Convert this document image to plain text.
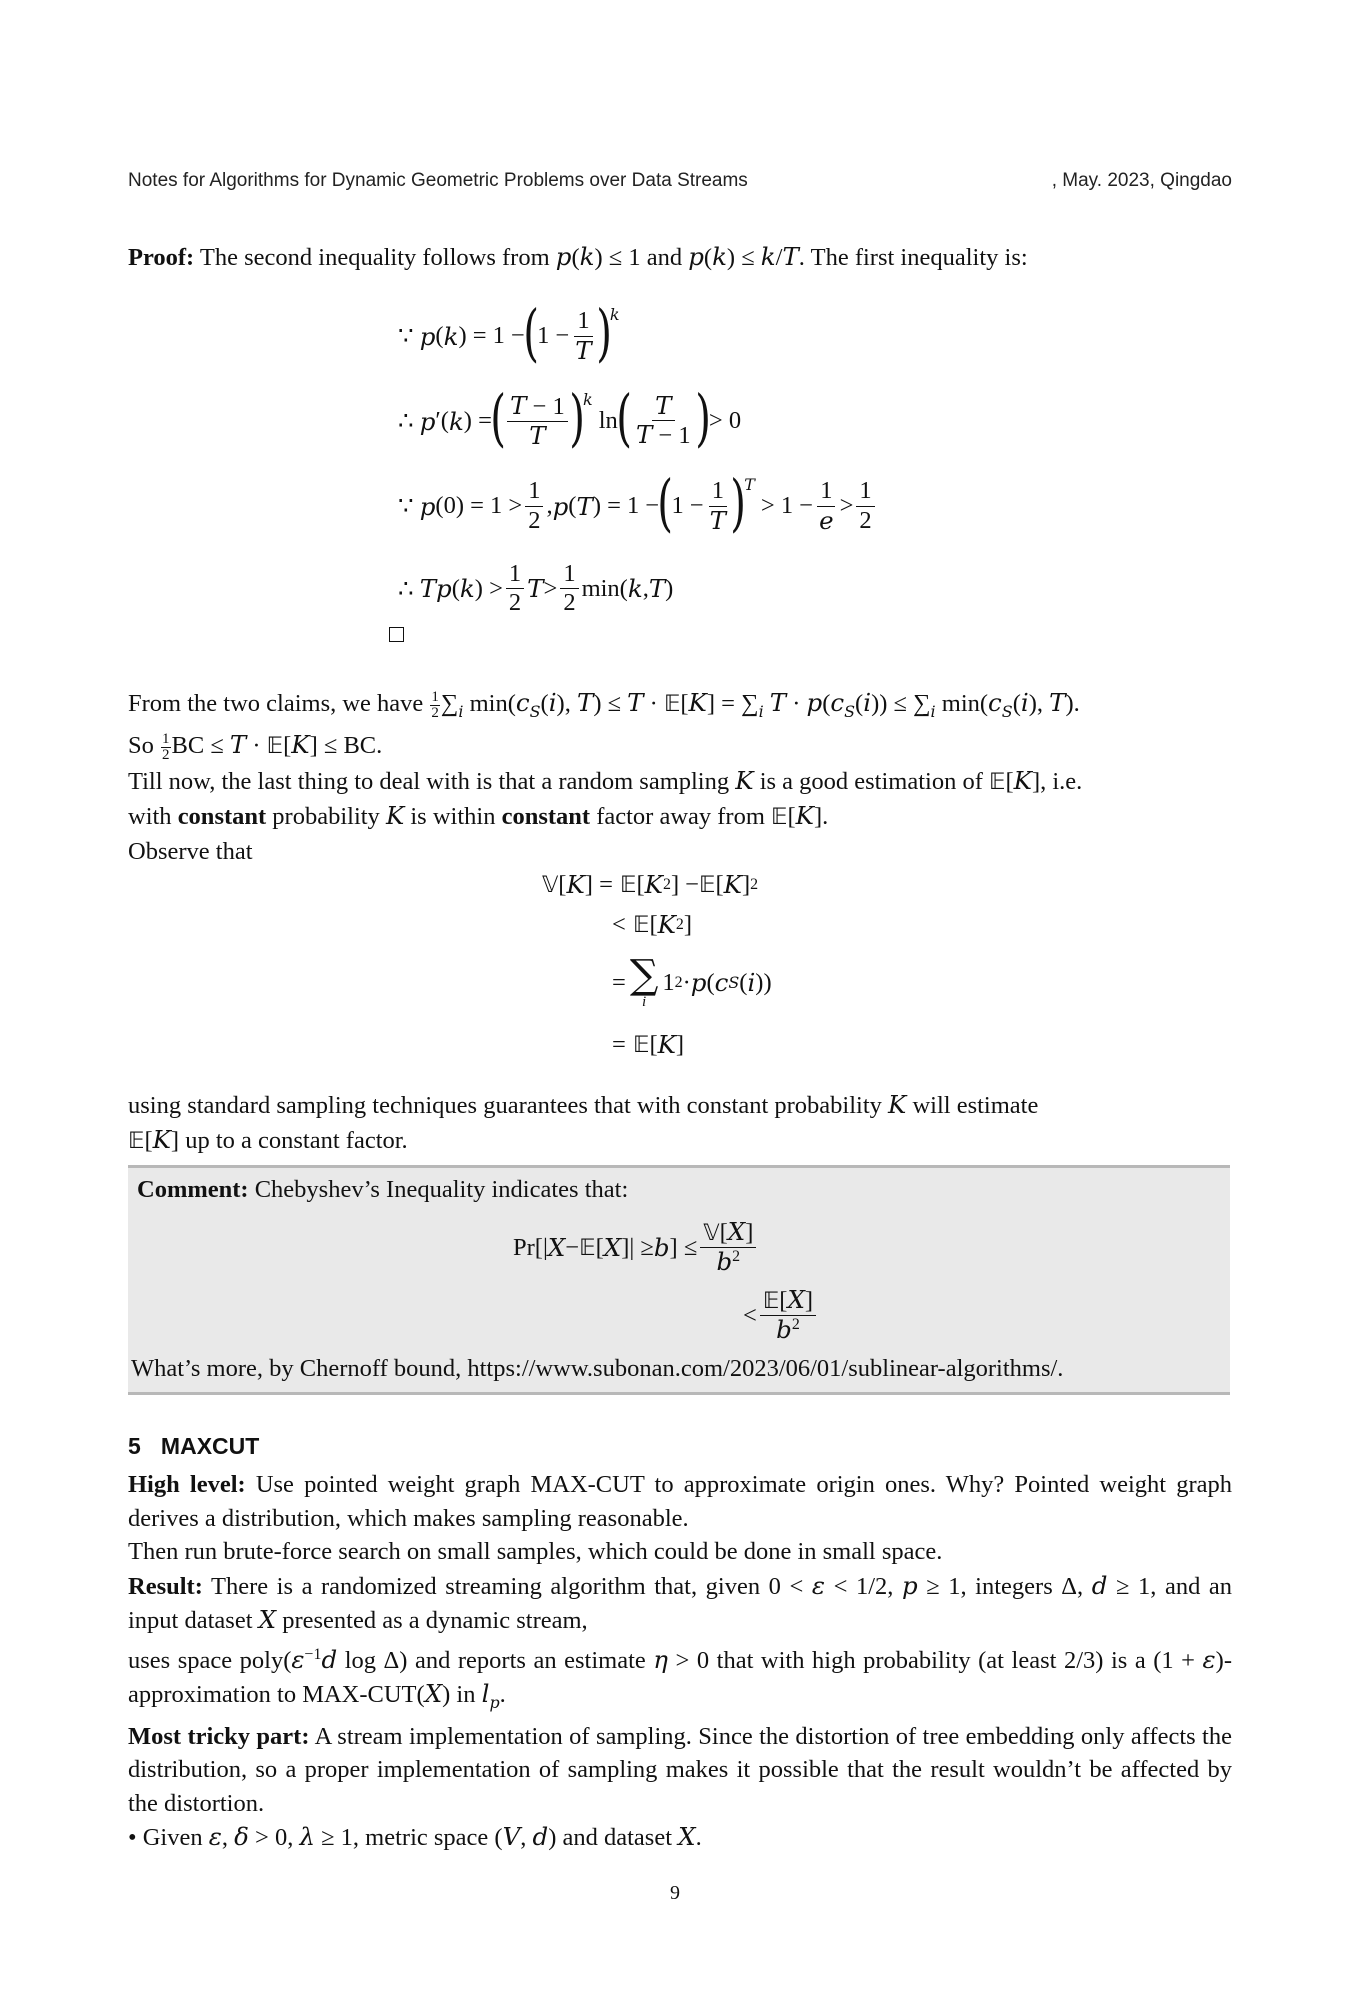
Notes for Algorithms for Dynamic Geometric Problems over Data Streams	, May. 2023, Qingdao

Proof: The second inequality follows from p(k) ≤ 1 and p(k) ≤ k/T. The first inequality is:

∵ p ( k ) = 1 −
(
$1 - \frac{1}{T}$ )
$^k$
∴ p ′( k ) =
( $\frac{T - 1}{T}$ )
$^k$
ln
( $\frac{T}{T - 1}$ )
> 0
∵ p $(0) = 1 > \frac{1}{2}$ , p ( T ) = 1 −
(
$1 - \frac{1}{T}$ )
$^T$
> $1 - \frac{1}{e} > \frac{1}{2}$
∴ Tp ( k ) > $\frac{1}{2}$ $T > \frac{1}{2} \min$( k , T )

From the two claims, we have $\frac{1}{2} \sum_i$ $\min(c_S(i)$, T) ≤ T · 𝔼[K] = $\sum_i$ $T \cdot p(c_S(i)) \le \sum_i$ $\min(c_S(i)$, T).

So $\frac{1}{2}$ BC ≤ T · 𝔼[K] ≤ BC.

Till now, the last thing to deal with is that a random sampling K is a good estimation of 𝔼[K], i.e.

with constant probability K is within constant factor away from 𝔼[K].

Observe that

𝕍 [ K ] = 𝔼 [ K 2 ] − 𝔼 [ K ] 2
< 𝔼 [ K 2 ]
= ∑
i
1 2 · p ( c S ( i ))
= 𝔼 [ K ]

using standard sampling techniques guarantees that with constant probability K will estimate

𝔼[K] up to a constant factor.

Comment: Chebyshev’s Inequality indicates that:
Pr[| X − 𝔼 [ X ]| ≥ b ] ≤ $\frac{\text{𝕍[X]}}{b^2}$
< $\frac{\text{𝔼[X]}}{b^2}$
What’s more, by Chernoff bound, https://www.subonan.com/2023/06/01/sublinear-algorithms/.
5 MAXCUT

High level: Use pointed weight graph MAX-CUT to approximate origin ones. Why? Pointed weight graph derives a distribution, which makes sampling reasonable.

Then run brute-force search on small samples, which could be done in small space.

Result: There is a randomized streaming algorithm that, given 0 < ε < 1/2, p ≥ 1, integers Δ, d ≥ 1, and an input dataset X presented as a dynamic stream,

uses space $poly(\varepsilon^{-1}d$ log Δ) and reports an estimate η > 0 that with high probability (at least 2/3) is a (1 + ε)-approximation to MAX-CUT(X) in $l_p$.

Most tricky part: A stream implementation of sampling. Since the distortion of tree embedding only affects the distribution, so a proper implementation of sampling makes it possible that the result wouldn’t be affected by the distortion.

• Given ε, δ > 0, λ ≥ 1, metric space (V, d) and dataset X.

9
